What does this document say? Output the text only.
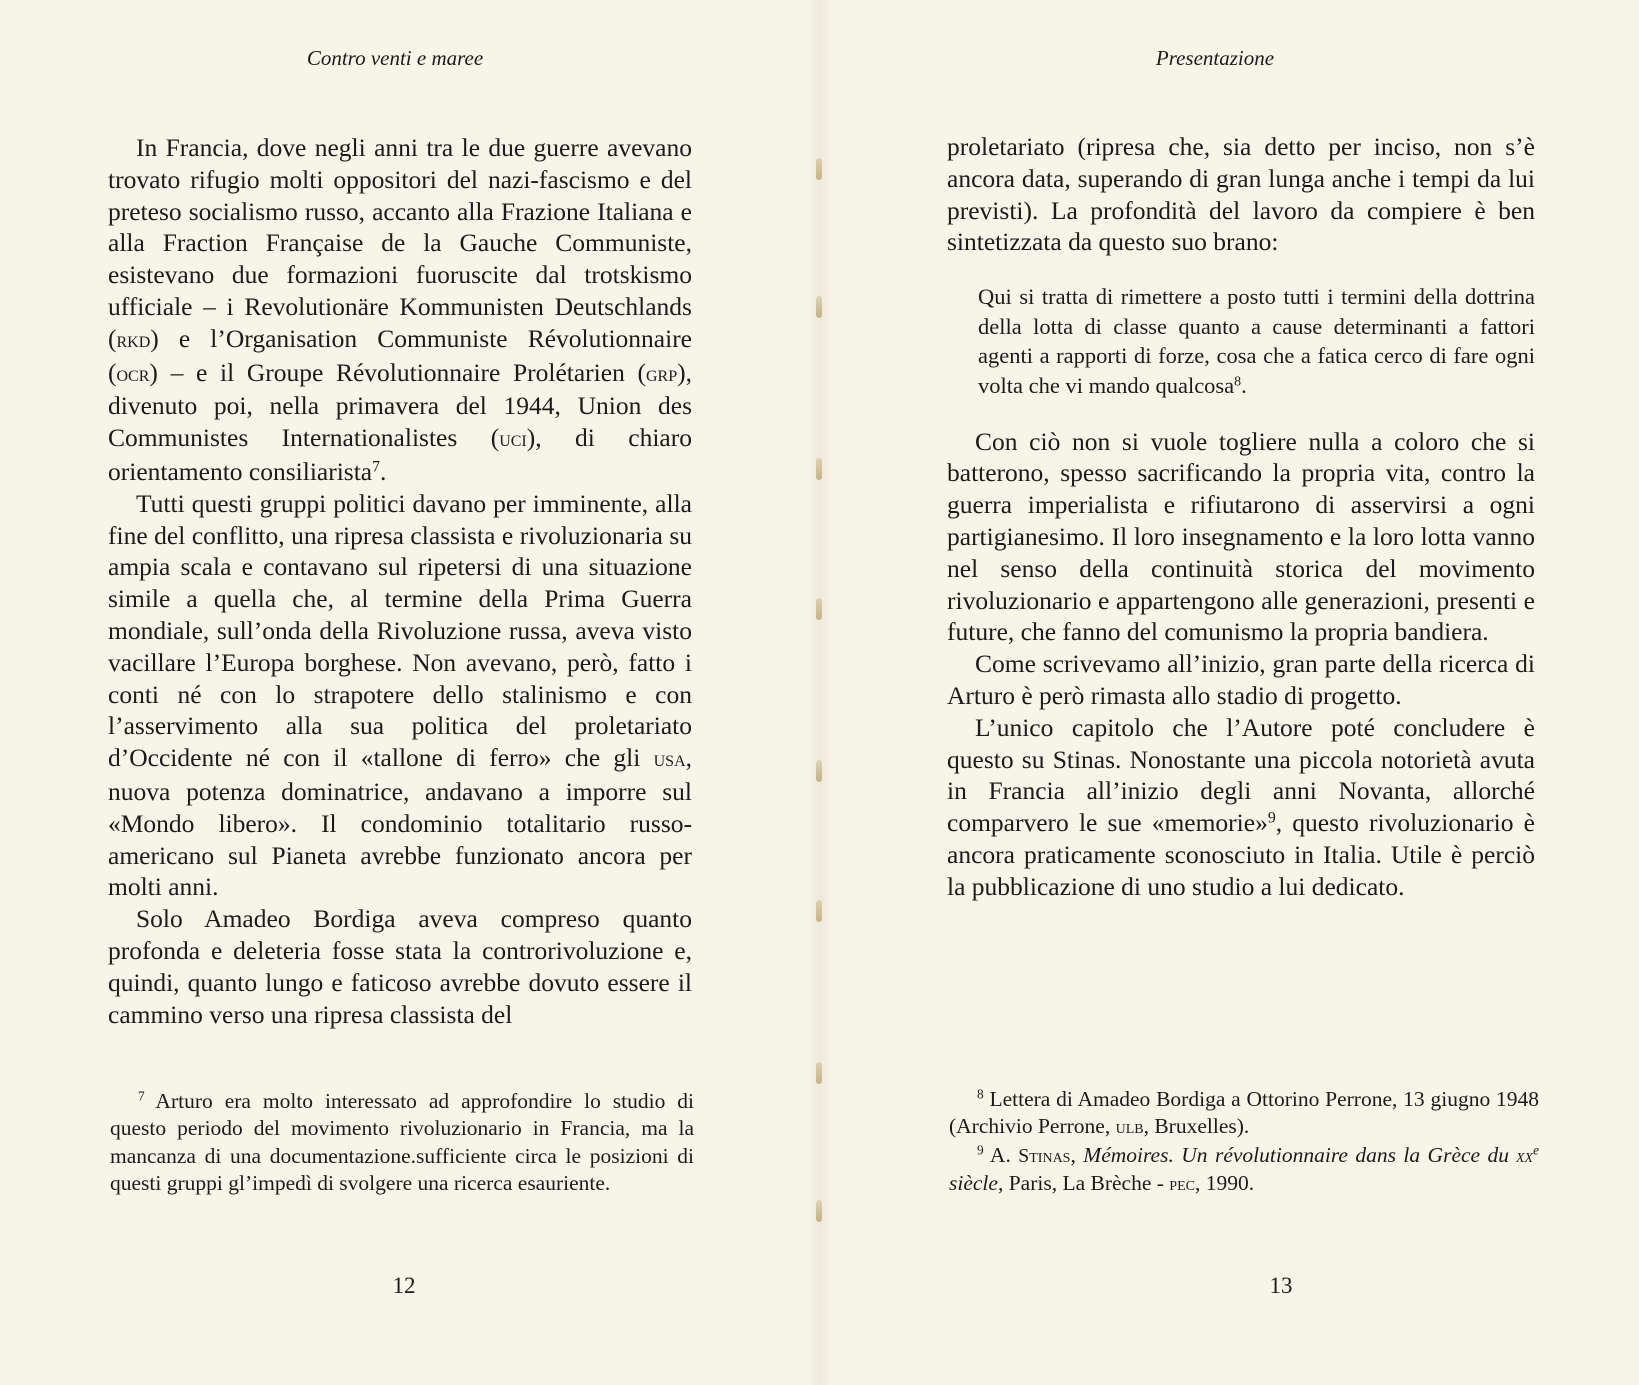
Contro venti e maree

In Francia, dove negli anni tra le due guerre avevano trovato rifugio molti oppositori del nazi-fascismo e del preteso socialismo russo, accanto alla Frazione Italiana e alla Fraction Française de la Gauche Communiste, esistevano due formazioni fuoruscite dal trotskismo ufficiale – i Revolutionäre Kommunisten Deutschlands (rkd) e l’Organisation Communiste Révolutionnaire (ocr) – e il Groupe Révolutionnaire Prolétarien (grp), divenuto poi, nella primavera del 1944, Union des Communistes Internationalistes (uci), di chiaro orientamento consiliarista$^7$.

Tutti questi gruppi politici davano per imminente, alla fine del conflitto, una ripresa classista e rivoluzionaria su ampia scala e contavano sul ripetersi di una situazione simile a quella che, al termine della Prima Guerra mondiale, sull’onda della Rivoluzione russa, aveva visto vacillare l’Europa borghese. Non avevano, però, fatto i conti né con lo strapotere dello stalinismo e con l’asservimento alla sua politica del proletariato d’Occidente né con il «tallone di ferro» che gli usa, nuova potenza dominatrice, andavano a imporre sul «Mondo libero». Il condominio totalitario russo-americano sul Pianeta avrebbe funzionato ancora per molti anni.

Solo Amadeo Bordiga aveva compreso quanto profonda e deleteria fosse stata la controrivoluzione e, quindi, quanto lungo e faticoso avrebbe dovuto essere il cammino verso una ripresa classista del

$^7$ Arturo era molto interessato ad approfondire lo studio di questo periodo del movimento rivoluzionario in Francia, ma la mancanza di una documentazione.sufficiente circa le posizioni di questi gruppi gl’impedì di svolgere una ricerca esauriente.

12

Presentazione

proletariato (ripresa che, sia detto per inciso, non s’è ancora data, superando di gran lunga anche i tempi da lui previsti). La profondità del lavoro da compiere è ben sintetizzata da questo suo brano:

Qui si tratta di rimettere a posto tutti i termini della dottrina della lotta di classe quanto a cause determinanti a fattori agenti a rapporti di forze, cosa che a fatica cerco di fare ogni volta che vi mando qualcosa$^8$.

Con ciò non si vuole togliere nulla a coloro che si batterono, spesso sacrificando la propria vita, contro la guerra imperialista e rifiutarono di asservirsi a ogni partigianesimo. Il loro insegnamento e la loro lotta vanno nel senso della continuità storica del movimento rivoluzionario e appartengono alle generazioni, presenti e future, che fanno del comunismo la propria bandiera.

Come scrivevamo all’inizio, gran parte della ricerca di Arturo è però rimasta allo stadio di progetto.

L’unico capitolo che l’Autore poté concludere è questo su Stinas. Nonostante una piccola notorietà avuta in Francia all’inizio degli anni Novanta, allorché comparvero le sue «memorie»$^9$, questo rivoluzionario è ancora praticamente sconosciuto in Italia. Utile è perciò la pubblicazione di uno studio a lui dedicato.

$^8$ Lettera di Amadeo Bordiga a Ottorino Perrone, 13 giugno 1948 (Archivio Perrone, ulb, Bruxelles).

$^9$ A. Stinas, Mémoires. Un révolutionnaire dans la Grèce du $xx^e$ siècle, Paris, La Brèche - pec, 1990.

13
